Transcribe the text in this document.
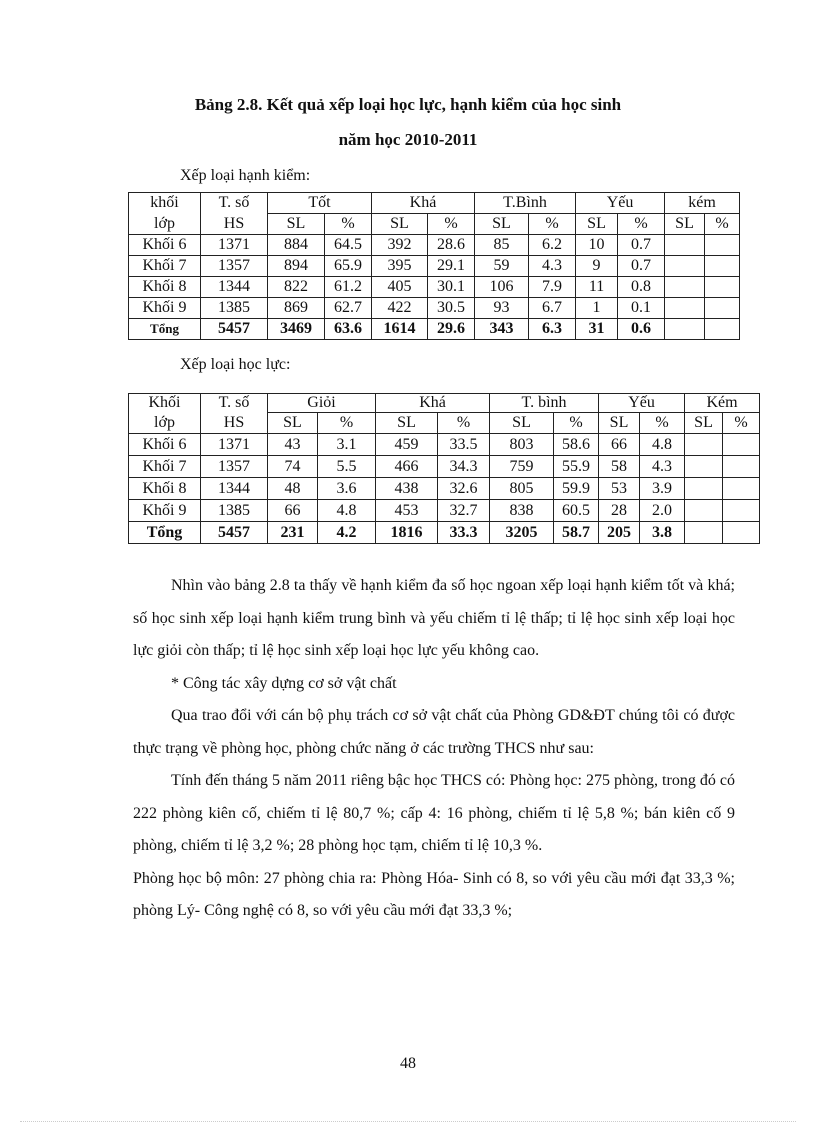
Bảng 2.8. Kết quả xếp loại học lực, hạnh kiểm của học sinh
năm học 2010-2011
Xếp loại hạnh kiểm:
khối	T. số	Tốt		Khá		T.Bình		Yếu		kém	
lớp	HS	SL	%	SL	%	SL	%	SL	%	SL	%
Khối 6	1371	884	64.5	392	28.6	85	6.2	10	0.7		
Khối 7	1357	894	65.9	395	29.1	59	4.3	9	0.7		
Khối 8	1344	822	61.2	405	30.1	106	7.9	11	0.8		
Khối 9	1385	869	62.7	422	30.5	93	6.7	1	0.1		
Tổng	5457	3469	63.6	1614	29.6	343	6.3	31	0.6		
Xếp loại học lực:
Khối	T. số	Giỏi		Khá		T. bình		Yếu		Kém	
lớp	HS	SL	%	SL	%	SL	%	SL	%	SL	%
Khối 6	1371	43	3.1	459	33.5	803	58.6	66	4.8		
Khối 7	1357	74	5.5	466	34.3	759	55.9	58	4.3		
Khối 8	1344	48	3.6	438	32.6	805	59.9	53	3.9		
Khối 9	1385	66	4.8	453	32.7	838	60.5	28	2.0		
Tổng	5457	231	4.2	1816	33.3	3205	58.7	205	3.8		

Nhìn vào bảng 2.8 ta thấy về hạnh kiểm đa số học ngoan xếp loại hạnh kiểm tốt và khá; số học sinh xếp loại hạnh kiểm trung bình và yếu chiếm tỉ lệ thấp; tỉ lệ học sinh xếp loại học lực giỏi còn thấp; tỉ lệ học sinh xếp loại học lực yếu không cao.

* Công tác xây dựng cơ sở vật chất

Qua trao đổi với cán bộ phụ trách cơ sở vật chất của Phòng GD&ĐT chúng tôi có được thực trạng về phòng học, phòng chức năng ở các trường THCS như sau:

Tính đến tháng 5 năm 2011 riêng bậc học THCS có: Phòng học: 275 phòng, trong đó có 222 phòng kiên cố, chiếm tỉ lệ 80,7 %; cấp 4: 16 phòng, chiếm tỉ lệ 5,8 %; bán kiên cố 9 phòng, chiếm tỉ lệ 3,2 %; 28 phòng học tạm, chiếm tỉ lệ 10,3 %.

Phòng học bộ môn: 27 phòng chia ra: Phòng Hóa- Sinh có 8, so với yêu cầu mới đạt 33,3 %; phòng Lý- Công nghệ có 8, so với yêu cầu mới đạt 33,3 %;

48
